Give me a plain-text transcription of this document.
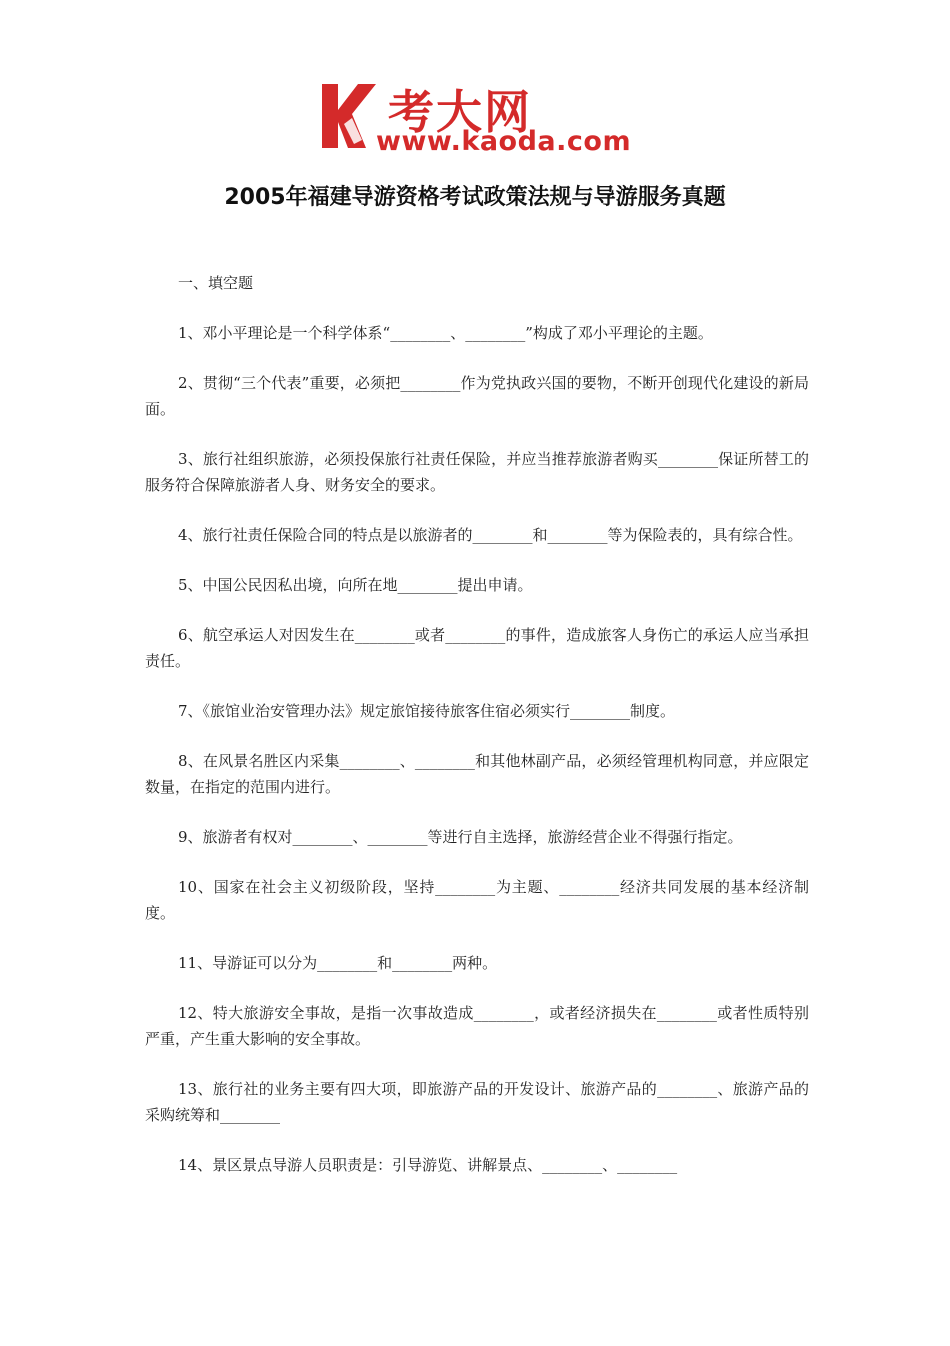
考大网
www.kaoda.com
2005年福建导游资格考试政策法规与导游服务真题

一、填空题

1、邓小平理论是一个科学体系“________、________”构成了邓小平理论的主题。

2、贯彻“三个代表”重要，必须把________作为党执政兴国的要物，不断开创现代化建设的新局面。

3、旅行社组织旅游，必须投保旅行社责任保险，并应当推荐旅游者购买________保证所替工的服务符合保障旅游者人身、财务安全的要求。

4、旅行社责任保险合同的特点是以旅游者的________和________等为保险表的，具有综合性。

5、中国公民因私出境，向所在地________提出申请。

6、航空承运人对因发生在________或者________的事件，造成旅客人身伤亡的承运人应当承担责任。

7、《旅馆业治安管理办法》规定旅馆接待旅客住宿必须实行________制度。

8、在风景名胜区内采集________、________和其他林副产品，必须经管理机构同意，并应限定数量，在指定的范围内进行。

9、旅游者有权对________、________等进行自主选择，旅游经营企业不得强行指定。

10、国家在社会主义初级阶段，坚持________为主题、________经济共同发展的基本经济制度。

11、导游证可以分为________和________两种。

12、特大旅游安全事故，是指一次事故造成________，或者经济损失在________或者性质特别严重，产生重大影响的安全事故。

13、旅行社的业务主要有四大项，即旅游产品的开发设计、旅游产品的________、旅游产品的采购统筹和________

14、景区景点导游人员职责是：引导游览、讲解景点、________、________
